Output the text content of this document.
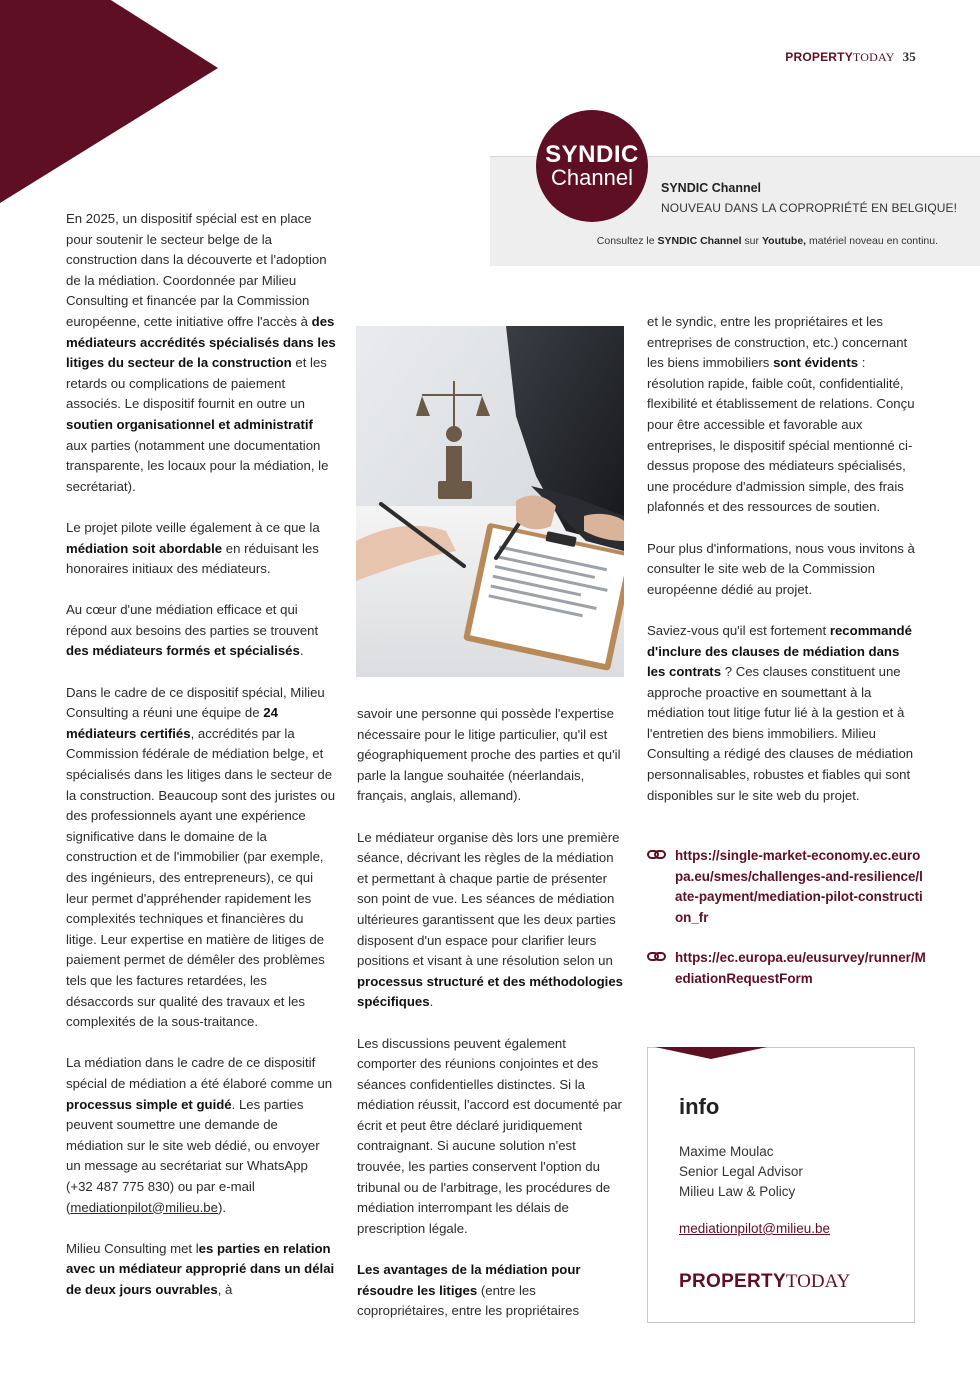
PROPERTYTODAY 35
SYNDIC
Channel	SYNDIC Channel
NOUVEAU DANS LA COPROPRIÉTÉ EN BELGIQUE!
Consultez le SYNDIC Channel sur Youtube, matériel noveau en continu.

En 2025, un dispositif spécial est en place pour soutenir le secteur belge de la construction dans la découverte et l'adoption de la médiation. Coordonnée par Milieu Consulting et financée par la Commission européenne, cette initiative offre l'accès à des médiateurs accrédités spécialisés dans les litiges du secteur de la construction et les retards ou complications de paiement associés. Le dispositif fournit en outre un soutien organisationnel et administratif aux parties (notamment une documentation transparente, les locaux pour la médiation, le secrétariat).

Le projet pilote veille également à ce que la médiation soit abordable en réduisant les honoraires initiaux des médiateurs.

Au cœur d'une médiation efficace et qui répond aux besoins des parties se trouvent des médiateurs formés et spécialisés.

Dans le cadre de ce dispositif spécial, Milieu Consulting a réuni une équipe de 24 médiateurs certifiés, accrédités par la Commission fédérale de médiation belge, et spécialisés dans les litiges dans le secteur de la construction. Beaucoup sont des juristes ou des professionnels ayant une expérience significative dans le domaine de la construction et de l'immobilier (par exemple, des ingénieurs, des entrepreneurs), ce qui leur permet d'appréhender rapidement les complexités techniques et financières du litige. Leur expertise en matière de litiges de paiement permet de démêler des problèmes tels que les factures retardées, les désaccords sur qualité des travaux et les complexités de la sous-traitance.

La médiation dans le cadre de ce dispositif spécial de médiation a été élaboré comme un processus simple et guidé. Les parties peuvent soumettre une demande de médiation sur le site web dédié, ou envoyer un message au secrétariat sur WhatsApp (+32 487 775 830) ou par e-mail (mediationpilot@milieu.be).

Milieu Consulting met les parties en relation avec un médiateur approprié dans un délai de deux jours ouvrables, à

savoir une personne qui possède l'expertise nécessaire pour le litige particulier, qu'il est géographiquement proche des parties et qu'il parle la langue souhaitée (néerlandais, français, anglais, allemand).

Le médiateur organise dès lors une première séance, décrivant les règles de la médiation et permettant à chaque partie de présenter son point de vue. Les séances de médiation ultérieures garantissent que les deux parties disposent d'un espace pour clarifier leurs positions et visant à une résolution selon un processus structuré et des méthodologies spécifiques.

Les discussions peuvent également comporter des réunions conjointes et des séances confidentielles distinctes. Si la médiation réussit, l'accord est documenté par écrit et peut être déclaré juridiquement contraignant. Si aucune solution n'est trouvée, les parties conservent l'option du tribunal ou de l'arbitrage, les procédures de médiation interrompant les délais de prescription légale.

Les avantages de la médiation pour résoudre les litiges (entre les copropriétaires, entre les propriétaires

et le syndic, entre les propriétaires et les entreprises de construction, etc.) concernant les biens immobiliers sont évidents : résolution rapide, faible coût, confidentialité, flexibilité et établissement de relations. Conçu pour être accessible et favorable aux entreprises, le dispositif spécial mentionné ci-dessus propose des médiateurs spécialisés, une procédure d'admission simple, des frais plafonnés et des ressources de soutien.

Pour plus d'informations, nous vous invitons à consulter le site web de la Commission européenne dédié au projet.

Saviez-vous qu'il est fortement recommandé d'inclure des clauses de médiation dans les contrats ? Ces clauses constituent une approche proactive en soumettant à la médiation tout litige futur lié à la gestion et à l'entretien des biens immobiliers. Milieu Consulting a rédigé des clauses de médiation personnalisables, robustes et fiables qui sont disponibles sur le site web du projet.

https://single-market-economy.ec.europa.eu/smes/challenges-and-resilience/late-payment/mediation-pilot-construction_fr
https://ec.europa.eu/eusurvey/runner/MediationRequestForm
info
Maxime Moulac
Senior Legal Advisor
Milieu Law & Policy
mediationpilot@milieu.be
PROPERTY TODAY
